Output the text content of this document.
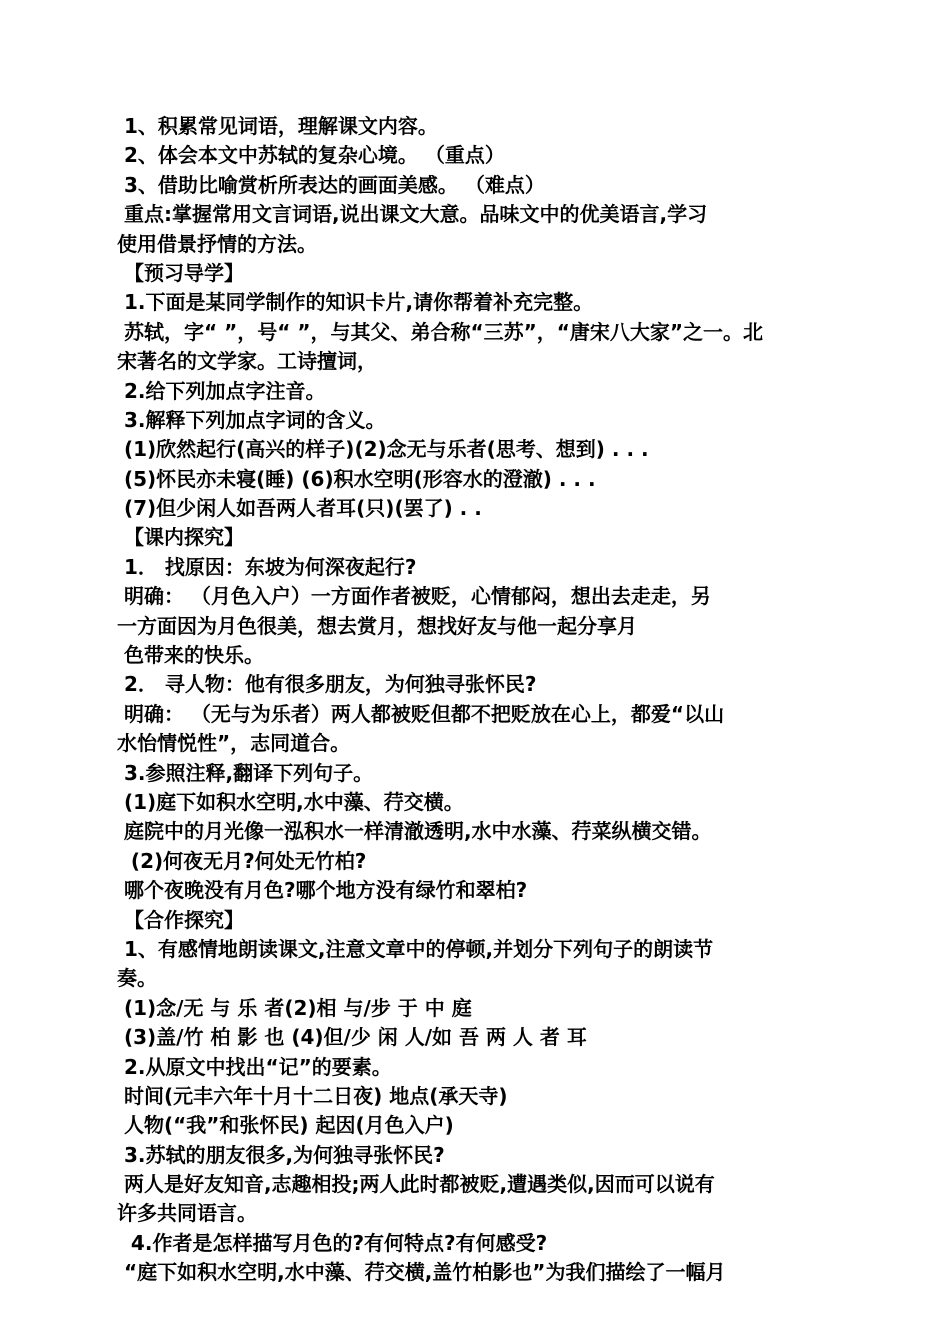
1、积累常见词语，理解课文内容。
2、体会本文中苏轼的复杂心境。 （重点）
3、借助比喻赏析所表达的画面美感。 （难点）
重点:掌握常用文言词语,说出课文大意。品味文中的优美语言,学习
使用借景抒情的方法。
【预习导学】
1.下面是某同学制作的知识卡片,请你帮着补充完整。
苏轼，字“ ”，号“ ”，与其父、弟合称“三苏”，“唐宋八大家”之一。北
宋著名的文学家。工诗擅词，
2.给下列加点字注音。
3.解释下列加点字词的含义。
(1)欣然起行(高兴的样子)(2)念无与乐者(思考、想到) . . .
(5)怀民亦未寝(睡) (6)积水空明(形容水的澄澈) . . .
(7)但少闲人如吾两人者耳(只)(罢了) . .
【课内探究】
1． 找原因：东坡为何深夜起行?
明确： （月色入户）一方面作者被贬，心情郁闷，想出去走走，另
一方面因为月色很美，想去赏月，想找好友与他一起分享月
色带来的快乐。
2． 寻人物：他有很多朋友，为何独寻张怀民?
明确： （无与为乐者）两人都被贬但都不把贬放在心上，都爱“以山
水怡情悦性”，志同道合。
3.参照注释,翻译下列句子。
(1)庭下如积水空明,水中藻、荇交横。
庭院中的月光像一泓积水一样清澈透明,水中水藻、荇菜纵横交错。
(2)何夜无月?何处无竹柏?
哪个夜晚没有月色?哪个地方没有绿竹和翠柏?
【合作探究】
1、有感情地朗读课文,注意文章中的停顿,并划分下列句子的朗读节
奏。
(1)念/无 与 乐 者(2)相 与/步 于 中 庭
(3)盖/竹 柏 影 也 (4)但/少 闲 人/如 吾 两 人 者 耳
2.从原文中找出“记”的要素。
时间(元丰六年十月十二日夜) 地点(承天寺)
人物(“我”和张怀民) 起因(月色入户)
3.苏轼的朋友很多,为何独寻张怀民?
两人是好友知音,志趣相投;两人此时都被贬,遭遇类似,因而可以说有
许多共同语言。
4.作者是怎样描写月色的?有何特点?有何感受?
“庭下如积水空明,水中藻、荇交横,盖竹柏影也”为我们描绘了一幅月
